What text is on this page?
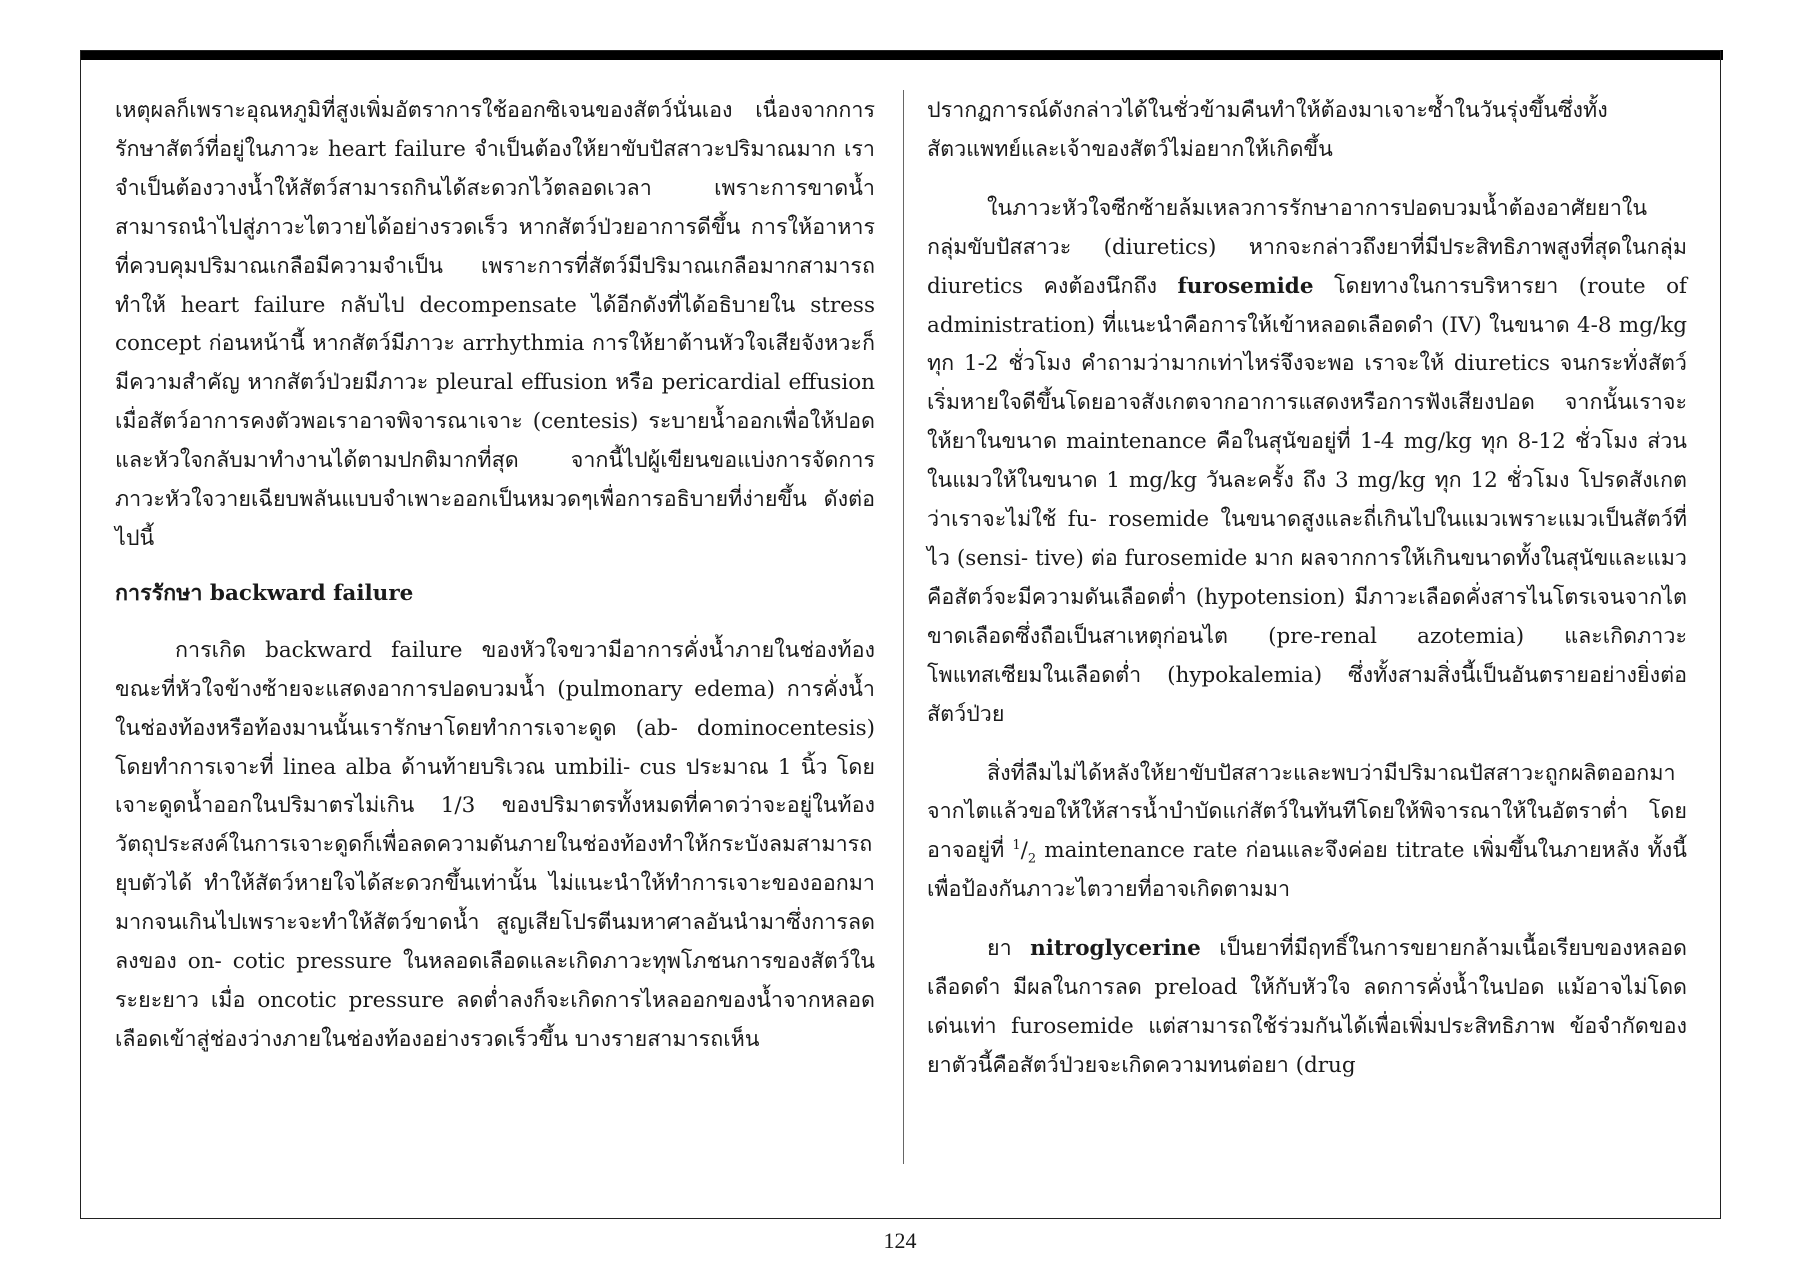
เหตุผลก็เพราะอุณหภูมิที่สูงเพิ่มอัตราการใช้ออกซิเจนของสัตว์นั่นเอง เนื่องจากการรักษาสัตว์ที่อยู่ในภาวะ heart failure จำเป็นต้องให้ยาขับปัสสาวะปริมาณมาก เราจำเป็นต้องวางน้ำให้สัตว์สามารถกินได้สะดวกไว้ตลอดเวลา เพราะการขาดน้ำสามารถนำไปสู่ภาวะไตวายได้อย่างรวดเร็ว หากสัตว์ป่วยอาการดีขึ้น การให้อาหารที่ควบคุมปริมาณเกลือมีความจำเป็น เพราะการที่สัตว์มีปริมาณเกลือมากสามารถทำให้ heart failure กลับไป decompensate ได้อีกดังที่ได้อธิบายใน stress concept ก่อนหน้านี้ หากสัตว์มีภาวะ arrhythmia การให้ยาต้านหัวใจเสียจังหวะก็มีความสำคัญ หากสัตว์ป่วยมีภาวะ pleural effusion หรือ pericardial effusion เมื่อสัตว์อาการคงตัวพอเราอาจพิจารณาเจาะ (centesis) ระบายน้ำออกเพื่อให้ปอดและหัวใจกลับมาทำงานได้ตามปกติมากที่สุด จากนี้ไปผู้เขียนขอแบ่งการจัดการภาวะหัวใจวายเฉียบพลันแบบจำเพาะออกเป็นหมวดๆเพื่อการอธิบายที่ง่ายขึ้น ดังต่อไปนี้

การรักษา backward failure

การเกิด backward failure ของหัวใจขวามีอาการคั่งน้ำภายในช่องท้องขณะที่หัวใจข้างซ้ายจะแสดงอาการปอดบวมน้ำ (pulmonary edema) การคั่งน้ำในช่องท้องหรือท้องมานนั้นเรารักษาโดยทำการเจาะดูด (ab- dominocentesis) โดยทำการเจาะที่ linea alba ด้านท้ายบริเวณ umbili- cus ประมาณ 1 นิ้ว โดยเจาะดูดน้ำออกในปริมาตรไม่เกิน 1/3 ของปริมาตรทั้งหมดที่คาดว่าจะอยู่ในท้อง วัตถุประสงค์ในการเจาะดูดก็เพื่อลดความดันภายในช่องท้องทำให้กระบังลมสามารถยุบตัวได้ ทำให้สัตว์หายใจได้สะดวกขึ้นเท่านั้น ไม่แนะนำให้ทำการเจาะของออกมามากจนเกินไปเพราะจะทำให้สัตว์ขาดน้ำ สูญเสียโปรตีนมหาศาลอันนำมาซึ่งการลดลงของ on- cotic pressure ในหลอดเลือดและเกิดภาวะทุพโภชนการของสัตว์ในระยะยาว เมื่อ oncotic pressure ลดต่ำลงก็จะเกิดการไหลออกของน้ำจากหลอดเลือดเข้าสู่ช่องว่างภายในช่องท้องอย่างรวดเร็วขึ้น บางรายสามารถเห็น

ปรากฏการณ์ดังกล่าวได้ในชั่วข้ามคืนทำให้ต้องมาเจาะซ้ำในวันรุ่งขึ้นซึ่งทั้งสัตวแพทย์และเจ้าของสัตว์ไม่อยากให้เกิดขึ้น

ในภาวะหัวใจซีกซ้ายล้มเหลวการรักษาอาการปอดบวมน้ำต้องอาศัยยาในกลุ่มขับปัสสาวะ (diuretics) หากจะกล่าวถึงยาที่มีประสิทธิภาพสูงที่สุดในกลุ่ม diuretics คงต้องนึกถึง furosemide โดยทางในการบริหารยา (route of administration) ที่แนะนำคือการให้เข้าหลอดเลือดดำ (IV) ในขนาด 4-8 mg/kg ทุก 1-2 ชั่วโมง คำถามว่ามากเท่าไหร่จึงจะพอ เราจะให้ diuretics จนกระทั่งสัตว์เริ่มหายใจดีขึ้นโดยอาจสังเกตจากอาการแสดงหรือการฟังเสียงปอด จากนั้นเราจะให้ยาในขนาด maintenance คือในสุนัขอยู่ที่ 1-4 mg/kg ทุก 8-12 ชั่วโมง ส่วนในแมวให้ในขนาด 1 mg/kg วันละครั้ง ถึง 3 mg/kg ทุก 12 ชั่วโมง โปรดสังเกตว่าเราจะไม่ใช้ fu- rosemide ในขนาดสูงและถี่เกินไปในแมวเพราะแมวเป็นสัตว์ที่ไว (sensi- tive) ต่อ furosemide มาก ผลจากการให้เกินขนาดทั้งในสุนัขและแมวคือสัตว์จะมีความดันเลือดต่ำ (hypotension) มีภาวะเลือดคั่งสารไนโตรเจนจากไตขาดเลือดซึ่งถือเป็นสาเหตุก่อนไต (pre-renal azotemia) และเกิดภาวะโพแทสเซียมในเลือดต่ำ (hypokalemia) ซึ่งทั้งสามสิ่งนี้เป็นอันตรายอย่างยิ่งต่อสัตว์ป่วย

สิ่งที่ลืมไม่ได้หลังให้ยาขับปัสสาวะและพบว่ามีปริมาณปัสสาวะถูกผลิตออกมาจากไตแล้วขอให้ให้สารน้ำบำบัดแก่สัตว์ในทันทีโดยให้พิจารณาให้ในอัตราต่ำ โดยอาจอยู่ที่ $^1/_2$ maintenance rate ก่อนและจึงค่อย titrate เพิ่มขึ้นในภายหลัง ทั้งนี้เพื่อป้องกันภาวะไตวายที่อาจเกิดตามมา

ยา nitroglycerine เป็นยาที่มีฤทธิ์ในการขยายกล้ามเนื้อเรียบของหลอดเลือดดำ มีผลในการลด preload ให้กับหัวใจ ลดการคั่งน้ำในปอด แม้อาจไม่โดดเด่นเท่า furosemide แต่สามารถใช้ร่วมกันได้เพื่อเพิ่มประสิทธิภาพ ข้อจำกัดของยาตัวนี้คือสัตว์ป่วยจะเกิดความทนต่อยา (drug

124
